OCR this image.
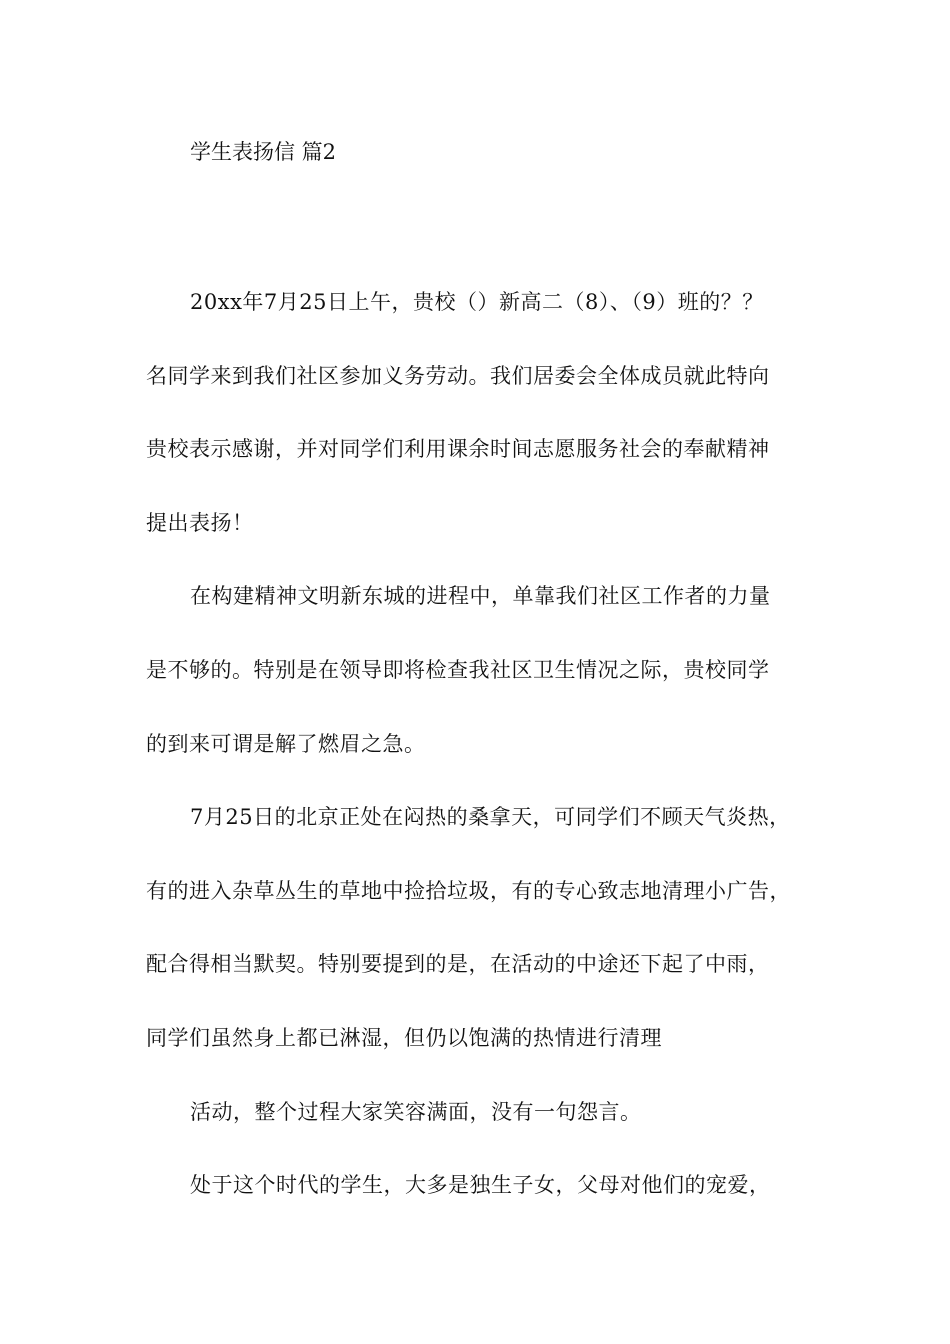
学生表扬信 篇2
20xx年7月25日上午，贵校（）新高二（8）、（9）班的？？
名同学来到我们社区参加义务劳动。我们居委会全体成员就此特向
贵校表示感谢，并对同学们利用课余时间志愿服务社会的奉献精神
提出表扬！
在构建精神文明新东城的进程中，单靠我们社区工作者的力量
是不够的。特别是在领导即将检查我社区卫生情况之际，贵校同学
的到来可谓是解了燃眉之急。
7月25日的北京正处在闷热的桑拿天，可同学们不顾天气炎热，
有的进入杂草丛生的草地中捡拾垃圾，有的专心致志地清理小广告，
配合得相当默契。特别要提到的是，在活动的中途还下起了中雨，
同学们虽然身上都已淋湿，但仍以饱满的热情进行清理
活动，整个过程大家笑容满面，没有一句怨言。
处于这个时代的学生，大多是独生子女，父母对他们的宠爱，
